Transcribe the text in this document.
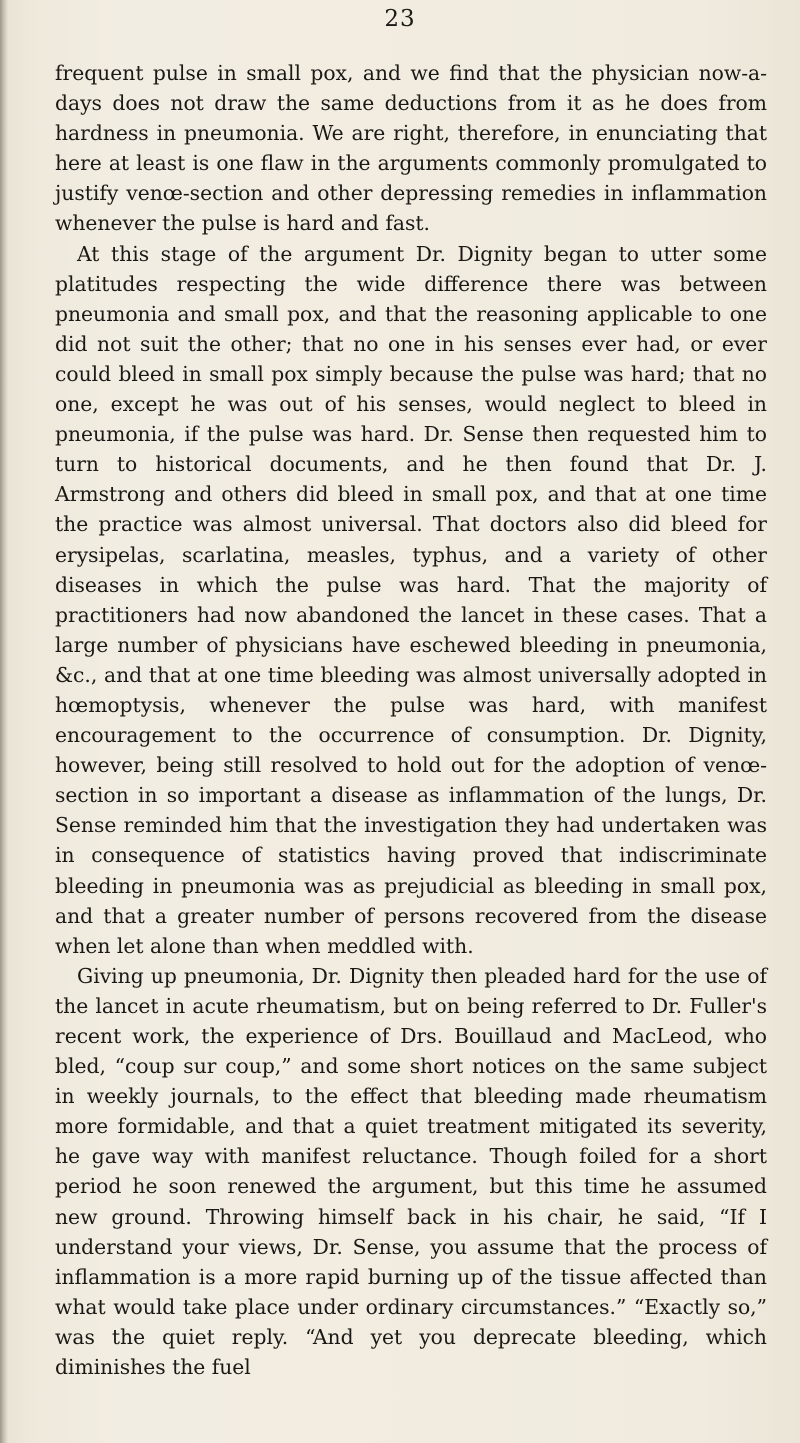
23

frequent pulse in small pox, and we find that the physician now-a-days does not draw the same deductions from it as he does from hardness in pneumonia. We are right, therefore, in enunciating that here at least is one flaw in the arguments commonly promulgated to justify venœ-section and other depressing remedies in inflammation whenever the pulse is hard and fast.

At this stage of the argument Dr. Dignity began to utter some platitudes respecting the wide difference there was between pneumonia and small pox, and that the reasoning applicable to one did not suit the other; that no one in his senses ever had, or ever could bleed in small pox simply because the pulse was hard; that no one, except he was out of his senses, would neglect to bleed in pneumonia, if the pulse was hard. Dr. Sense then requested him to turn to historical documents, and he then found that Dr. J. Armstrong and others did bleed in small pox, and that at one time the practice was almost universal. That doctors also did bleed for erysipelas, scarlatina, measles, typhus, and a variety of other diseases in which the pulse was hard. That the majority of practitioners had now abandoned the lancet in these cases. That a large number of physicians have eschewed bleeding in pneumonia, &c., and that at one time bleeding was almost universally adopted in hœmoptysis, whenever the pulse was hard, with manifest encouragement to the occurrence of consumption. Dr. Dignity, however, being still resolved to hold out for the adoption of venœ-section in so important a disease as inflammation of the lungs, Dr. Sense reminded him that the investigation they had undertaken was in consequence of statistics having proved that indiscriminate bleeding in pneumonia was as prejudicial as bleeding in small pox, and that a greater number of persons recovered from the disease when let alone than when meddled with.

Giving up pneumonia, Dr. Dignity then pleaded hard for the use of the lancet in acute rheumatism, but on being referred to Dr. Fuller's recent work, the experience of Drs. Bouillaud and MacLeod, who bled, “coup sur coup,” and some short notices on the same subject in weekly journals, to the effect that bleeding made rheumatism more formidable, and that a quiet treatment mitigated its severity, he gave way with manifest reluctance. Though foiled for a short period he soon renewed the argument, but this time he assumed new ground. Throwing himself back in his chair, he said, “If I understand your views, Dr. Sense, you assume that the process of inflammation is a more rapid burning up of the tissue affected than what would take place under ordinary circumstances.” “Exactly so,” was the quiet reply. “And yet you deprecate bleeding, which diminishes the fuel
